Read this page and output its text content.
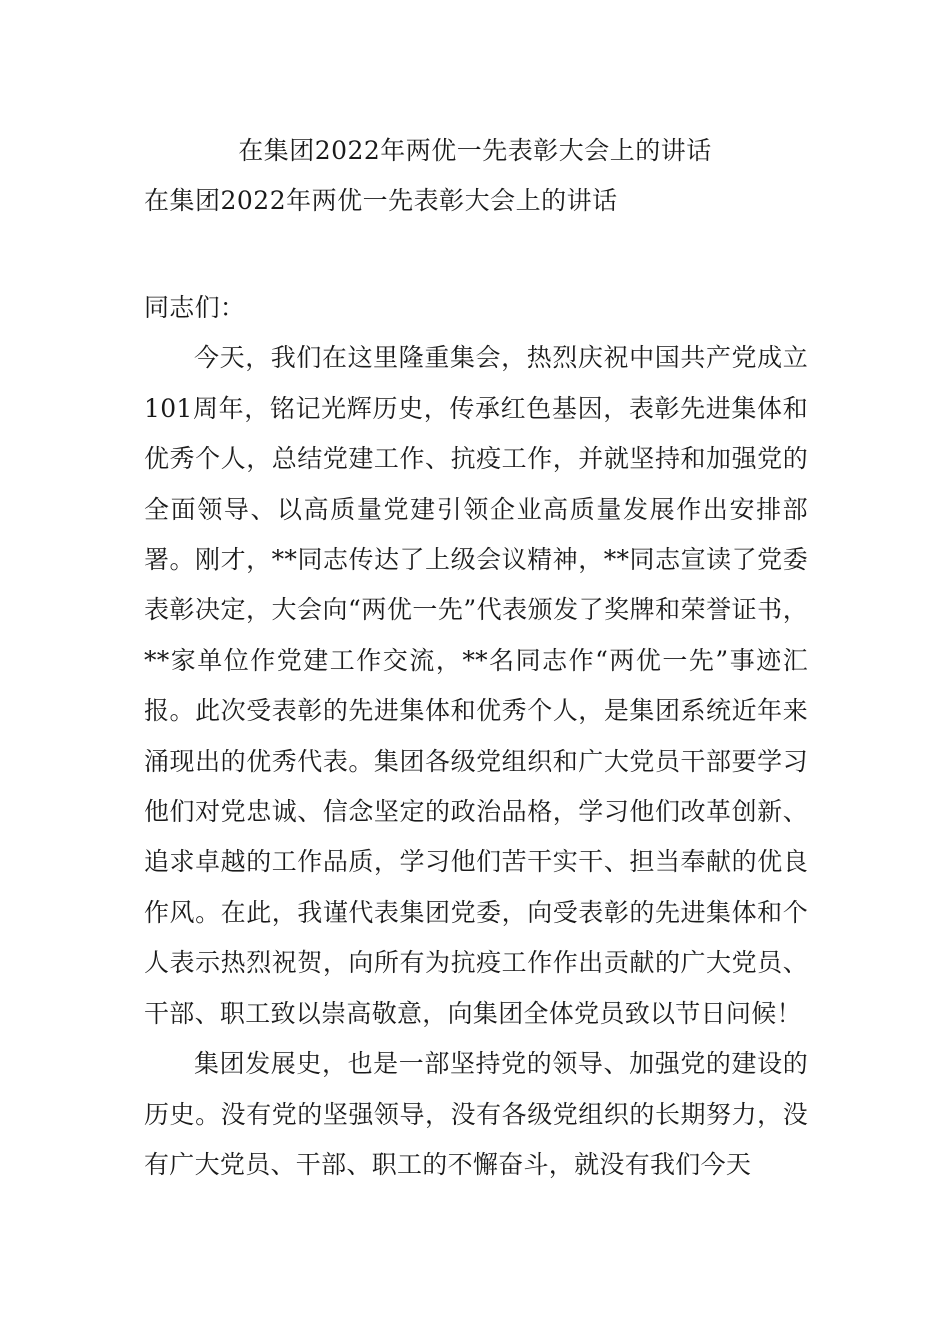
在集团2022年两优一先表彰大会上的讲话
在集团2022年两优一先表彰大会上的讲话

同志们：

今天，我们在这里隆重集会，热烈庆祝中国共产党成立101周年，铭记光辉历史，传承红色基因，表彰先进集体和优秀个人，总结党建工作、抗疫工作，并就坚持和加强党的全面领导、以高质量党建引领企业高质量发展作出安排部署。刚才，**同志传达了上级会议精神，**同志宣读了党委表彰决定，大会向“两优一先”代表颁发了奖牌和荣誉证书，**家单位作党建工作交流，**名同志作“两优一先”事迹汇报。此次受表彰的先进集体和优秀个人，是集团系统近年来涌现出的优秀代表。集团各级党组织和广大党员干部要学习他们对党忠诚、信念坚定的政治品格，学习他们改革创新、追求卓越的工作品质，学习他们苦干实干、担当奉献的优良作风。在此，我谨代表集团党委，向受表彰的先进集体和个人表示热烈祝贺，向所有为抗疫工作作出贡献的广大党员、干部、职工致以崇高敬意，向集团全体党员致以节日问候！

集团发展史，也是一部坚持党的领导、加强党的建设的历史。没有党的坚强领导，没有各级党组织的长期努力，没有广大党员、干部、职工的不懈奋斗，就没有我们今天
